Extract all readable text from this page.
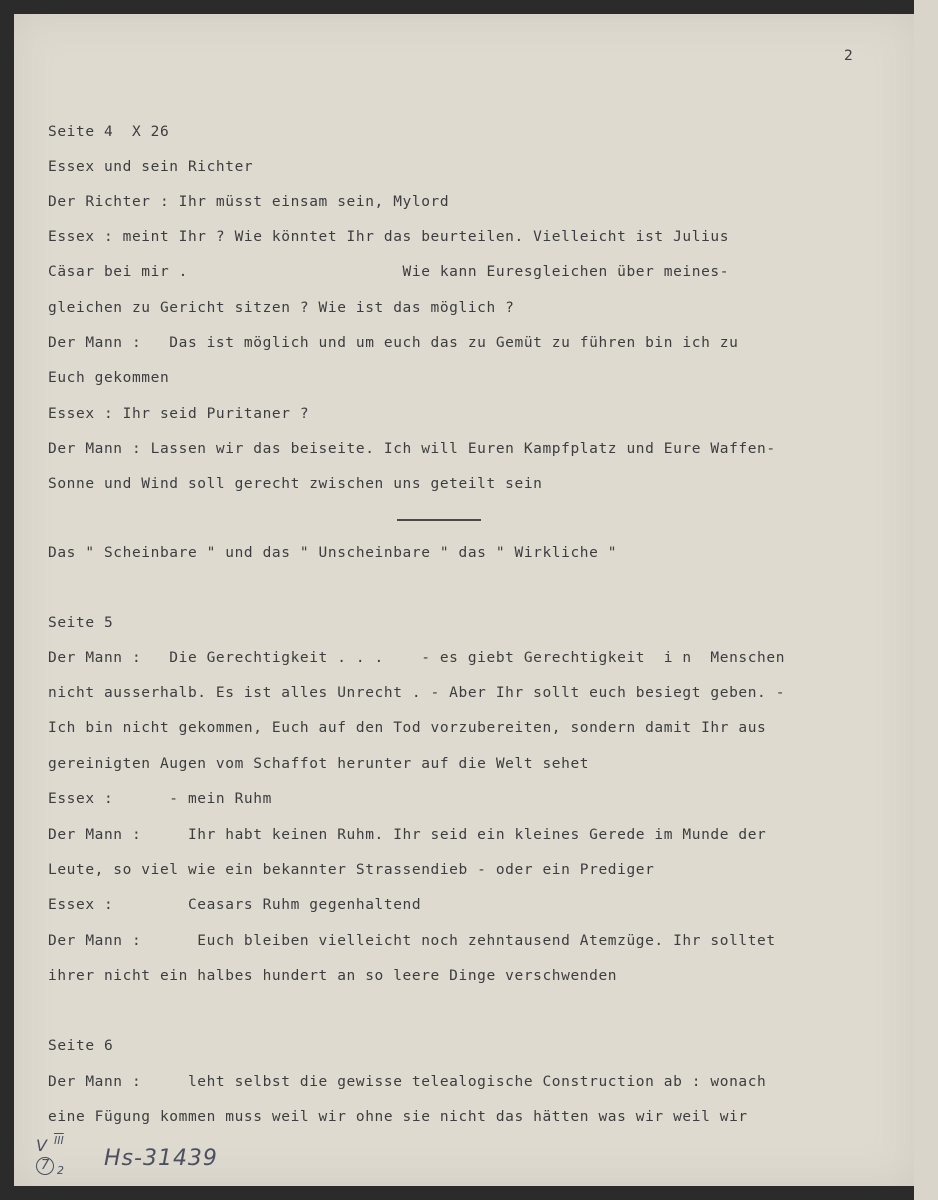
2

Seite 4  X 26

Essex und sein Richter

Der Richter : Ihr müsst einsam sein, Mylord

Essex : meint Ihr ? Wie könntet Ihr das beurteilen. Vielleicht ist Julius

Cäsar bei mir .                       Wie kann Euresgleichen über meines-

gleichen zu Gericht sitzen ? Wie ist das möglich ?

Der Mann :   Das ist möglich und um euch das zu Gemüt zu führen bin ich zu

Euch gekommen

Essex : Ihr seid Puritaner ?

Der Mann : Lassen wir das beiseite. Ich will Euren Kampfplatz und Eure Waffen-

Sonne und Wind soll gerecht zwischen uns geteilt sein

Das " Scheinbare " und das " Unscheinbare " das " Wirkliche "

Seite 5

Der Mann :   Die Gerechtigkeit . . .    - es giebt Gerechtigkeit  i n  Menschen

nicht ausserhalb. Es ist alles Unrecht . - Aber Ihr sollt euch besiegt geben. -

Ich bin nicht gekommen, Euch auf den Tod vorzubereiten, sondern damit Ihr aus

gereinigten Augen vom Schaffot herunter auf die Welt sehet

Essex :      - mein Ruhm

Der Mann :     Ihr habt keinen Ruhm. Ihr seid ein kleines Gerede im Munde der

Leute, so viel wie ein bekannter Strassendieb - oder ein Prediger

Essex :        Ceasars Ruhm gegenhaltend

Der Mann :      Euch bleiben vielleicht noch zehntausend Atemzüge. Ihr solltet

ihrer nicht ein halbes hundert an so leere Dinge verschwenden

Seite 6

Der Mann :     leht selbst die gewisse telealogische Construction ab : wonach

eine Fügung kommen muss weil wir ohne sie nicht das hätten was wir weil wir

V $\overline{III}$
7 2 Hs-31439
